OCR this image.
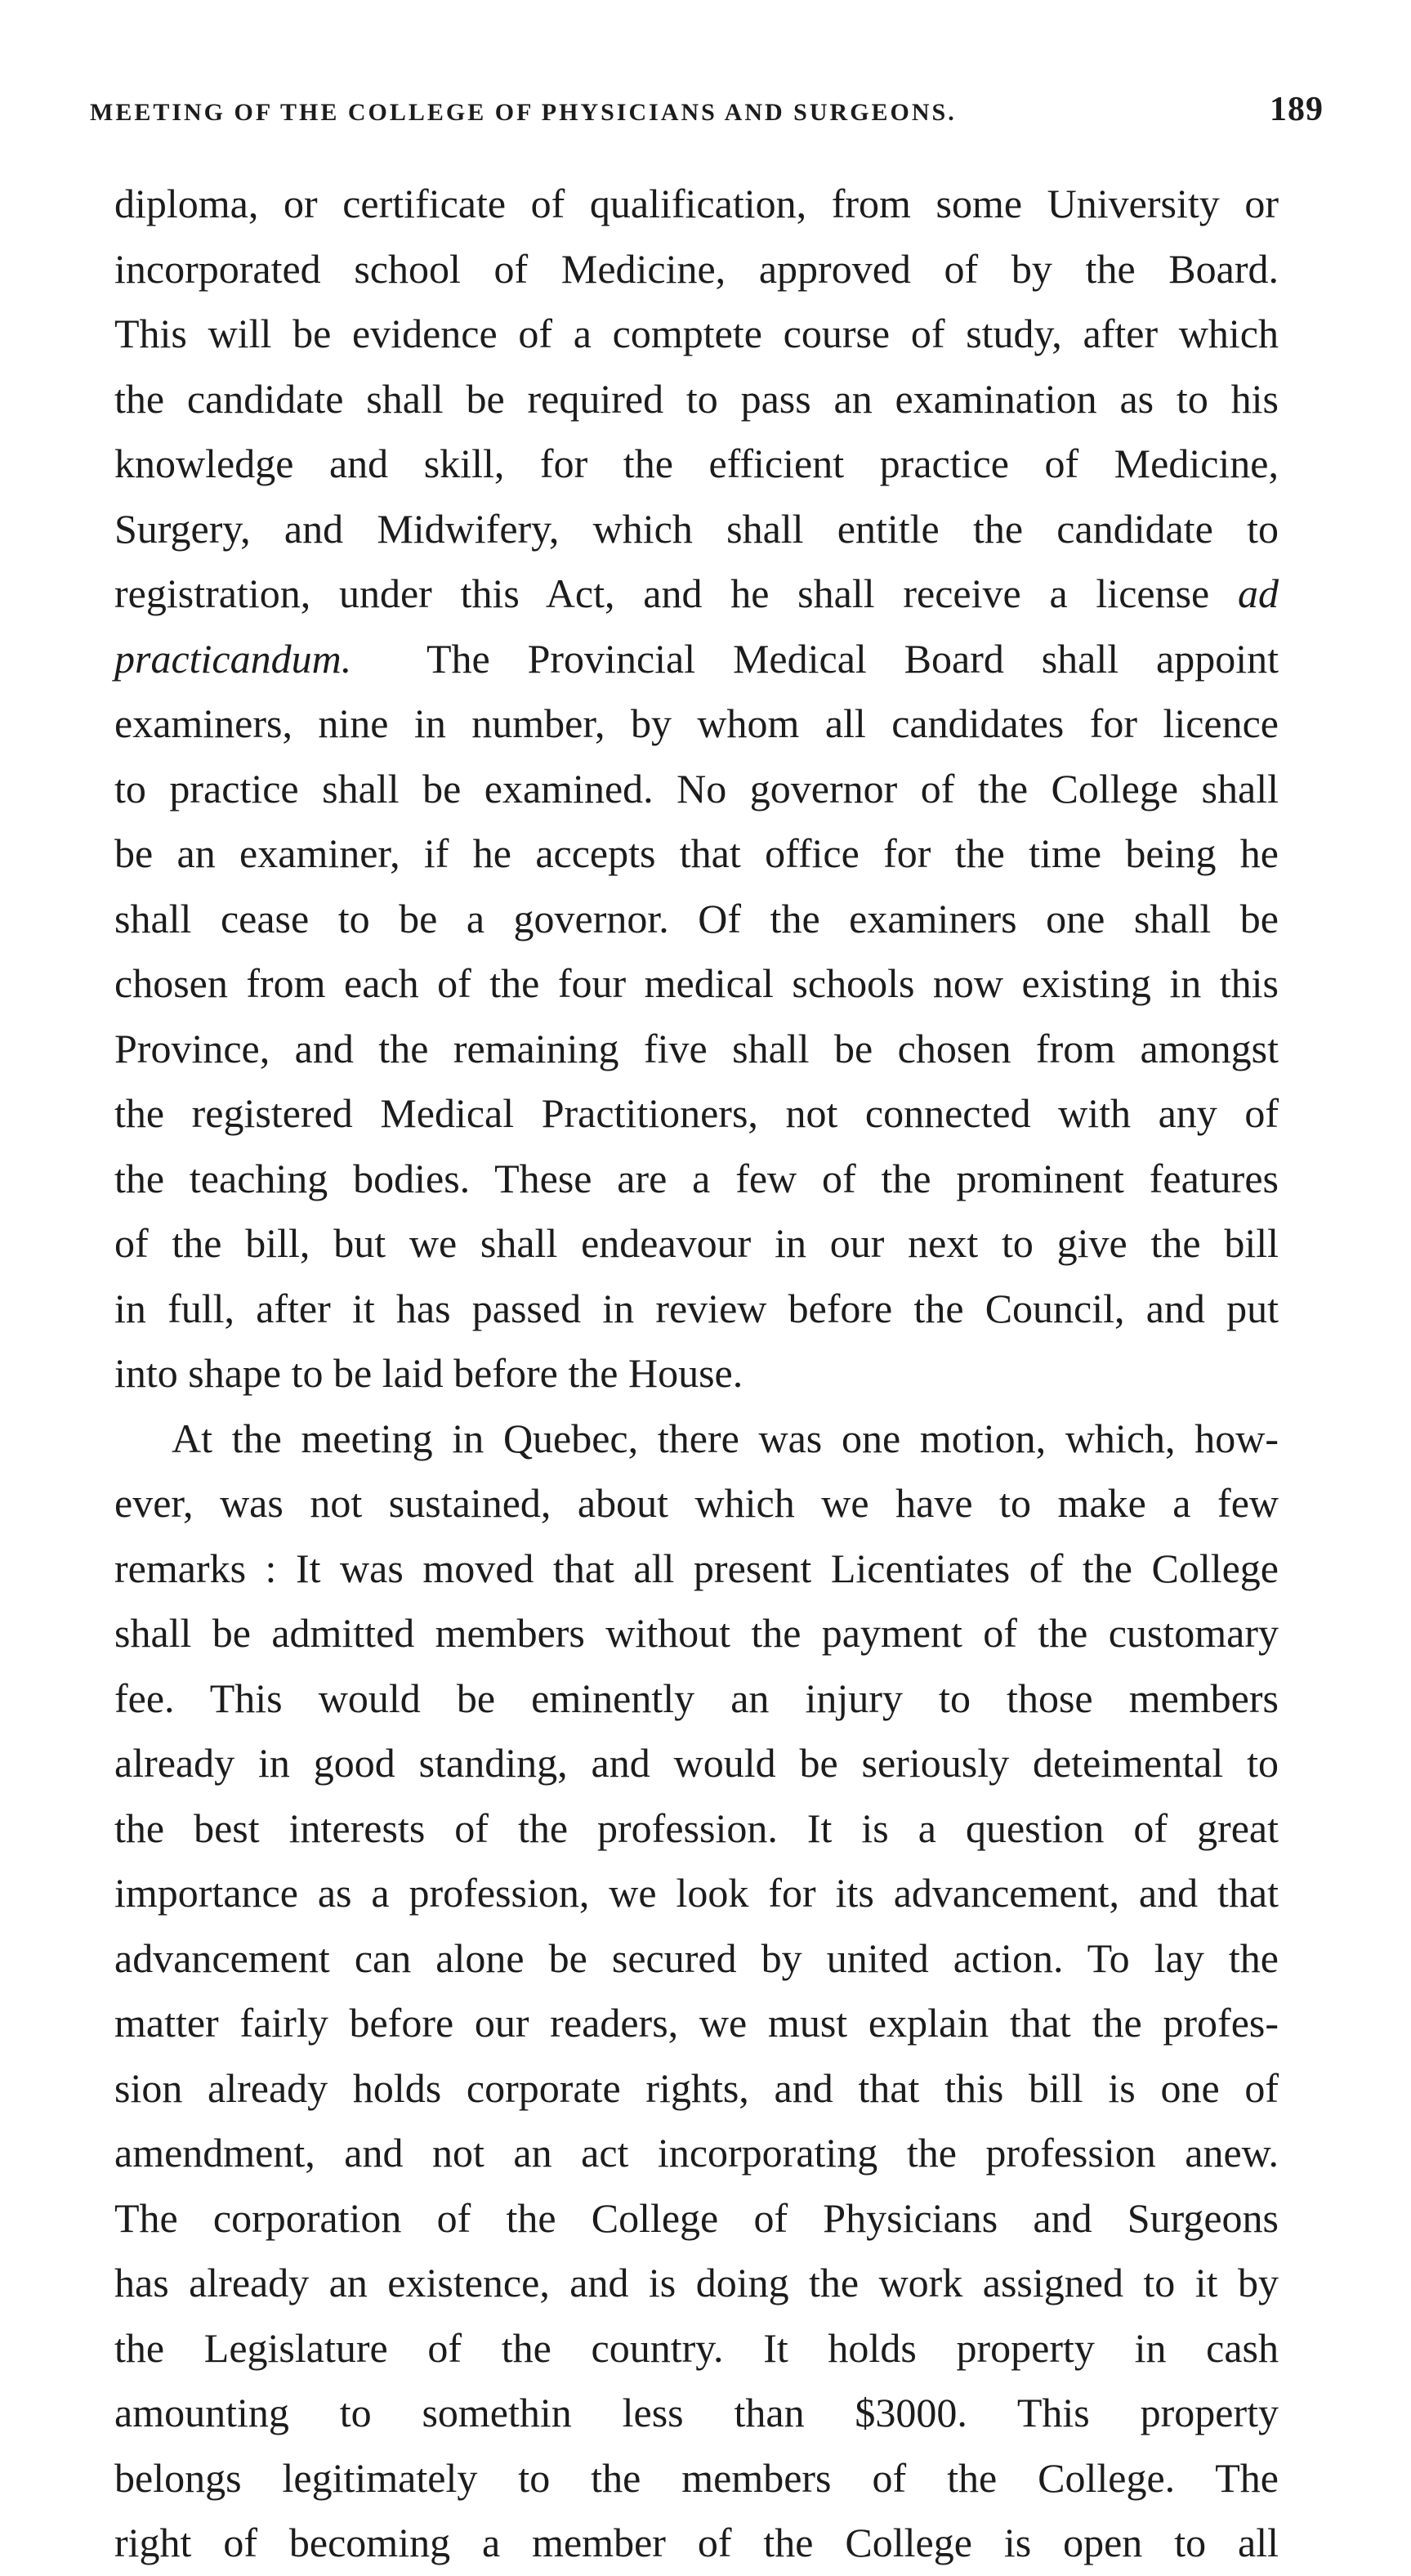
MEETING OF THE COLLEGE OF PHYSICIANS AND SURGEONS.	189
diploma, or certificate of qualification, from some University or
incorporated school of Medicine, approved of by the Board.
This will be evidence of a comptete course of study, after which
the candidate shall be required to pass an examination as to his
knowledge and skill, for the efficient practice of Medicine,
Surgery, and Midwifery, which shall entitle the candidate to
registration, under this Act, and he shall receive a license ad
practicandum. The Provincial Medical Board shall appoint
examiners, nine in number, by whom all candidates for licence
to practice shall be examined. No governor of the College shall
be an examiner, if he accepts that office for the time being he
shall cease to be a governor. Of the examiners one shall be
chosen from each of the four medical schools now existing in this
Province, and the remaining five shall be chosen from amongst
the registered Medical Practitioners, not connected with any of
the teaching bodies. These are a few of the prominent features
of the bill, but we shall endeavour in our next to give the bill
in full, after it has passed in review before the Council, and put
into shape to be laid before the House.
At the meeting in Quebec, there was one motion, which, how-
ever, was not sustained, about which we have to make a few
remarks : It was moved that all present Licentiates of the College
shall be admitted members without the payment of the customary
fee. This would be eminently an injury to those members
already in good standing, and would be seriously deteimental to
the best interests of the profession. It is a question of great
importance as a profession, we look for its advancement, and that
advancement can alone be secured by united action. To lay the
matter fairly before our readers, we must explain that the profes-
sion already holds corporate rights, and that this bill is one of
amendment, and not an act incorporating the profession anew.
The corporation of the College of Physicians and Surgeons
has already an existence, and is doing the work assigned to it by
the Legislature of the country. It holds property in cash
amounting to somethin less than $3000. This property
belongs legitimately to the members of the College. The
right of becoming a member of the College is open to all
